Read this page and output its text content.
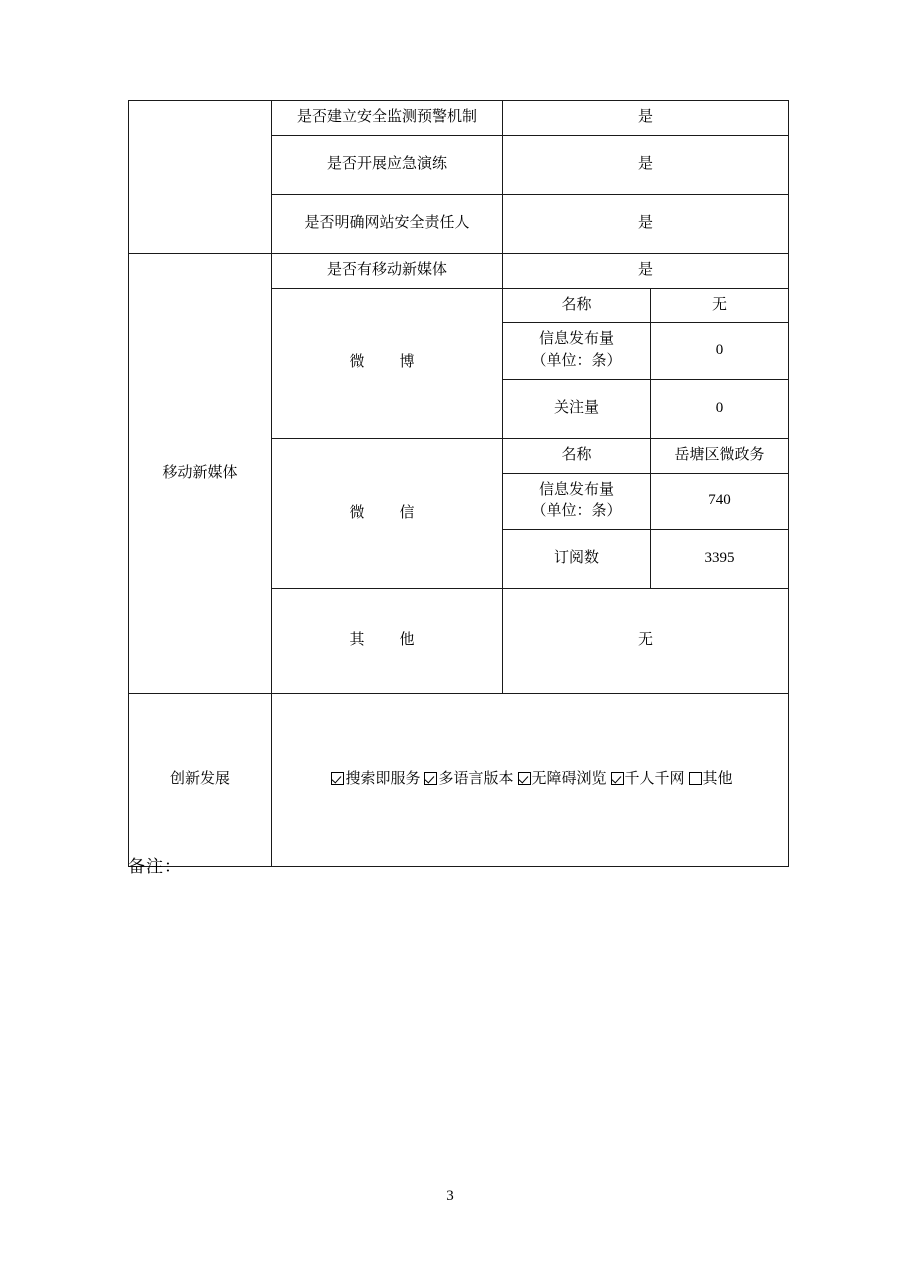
	是否建立安全监测预警机制	是	
	是否开展应急演练	是	
	是否明确网站安全责任人	是	
移动新媒体	是否有移动新媒体	是	
	微　博	名称	无

		信息发布量
（单位：条）	0
		关注量	0
	微　信	名称	岳塘区微政务

		信息发布量
（单位：条）	740
		订阅数	3395
	其　他	无	
创新发展	搜索即服务 多语言版本 无障碍浏览 千人千网 其他		
备注：
3
